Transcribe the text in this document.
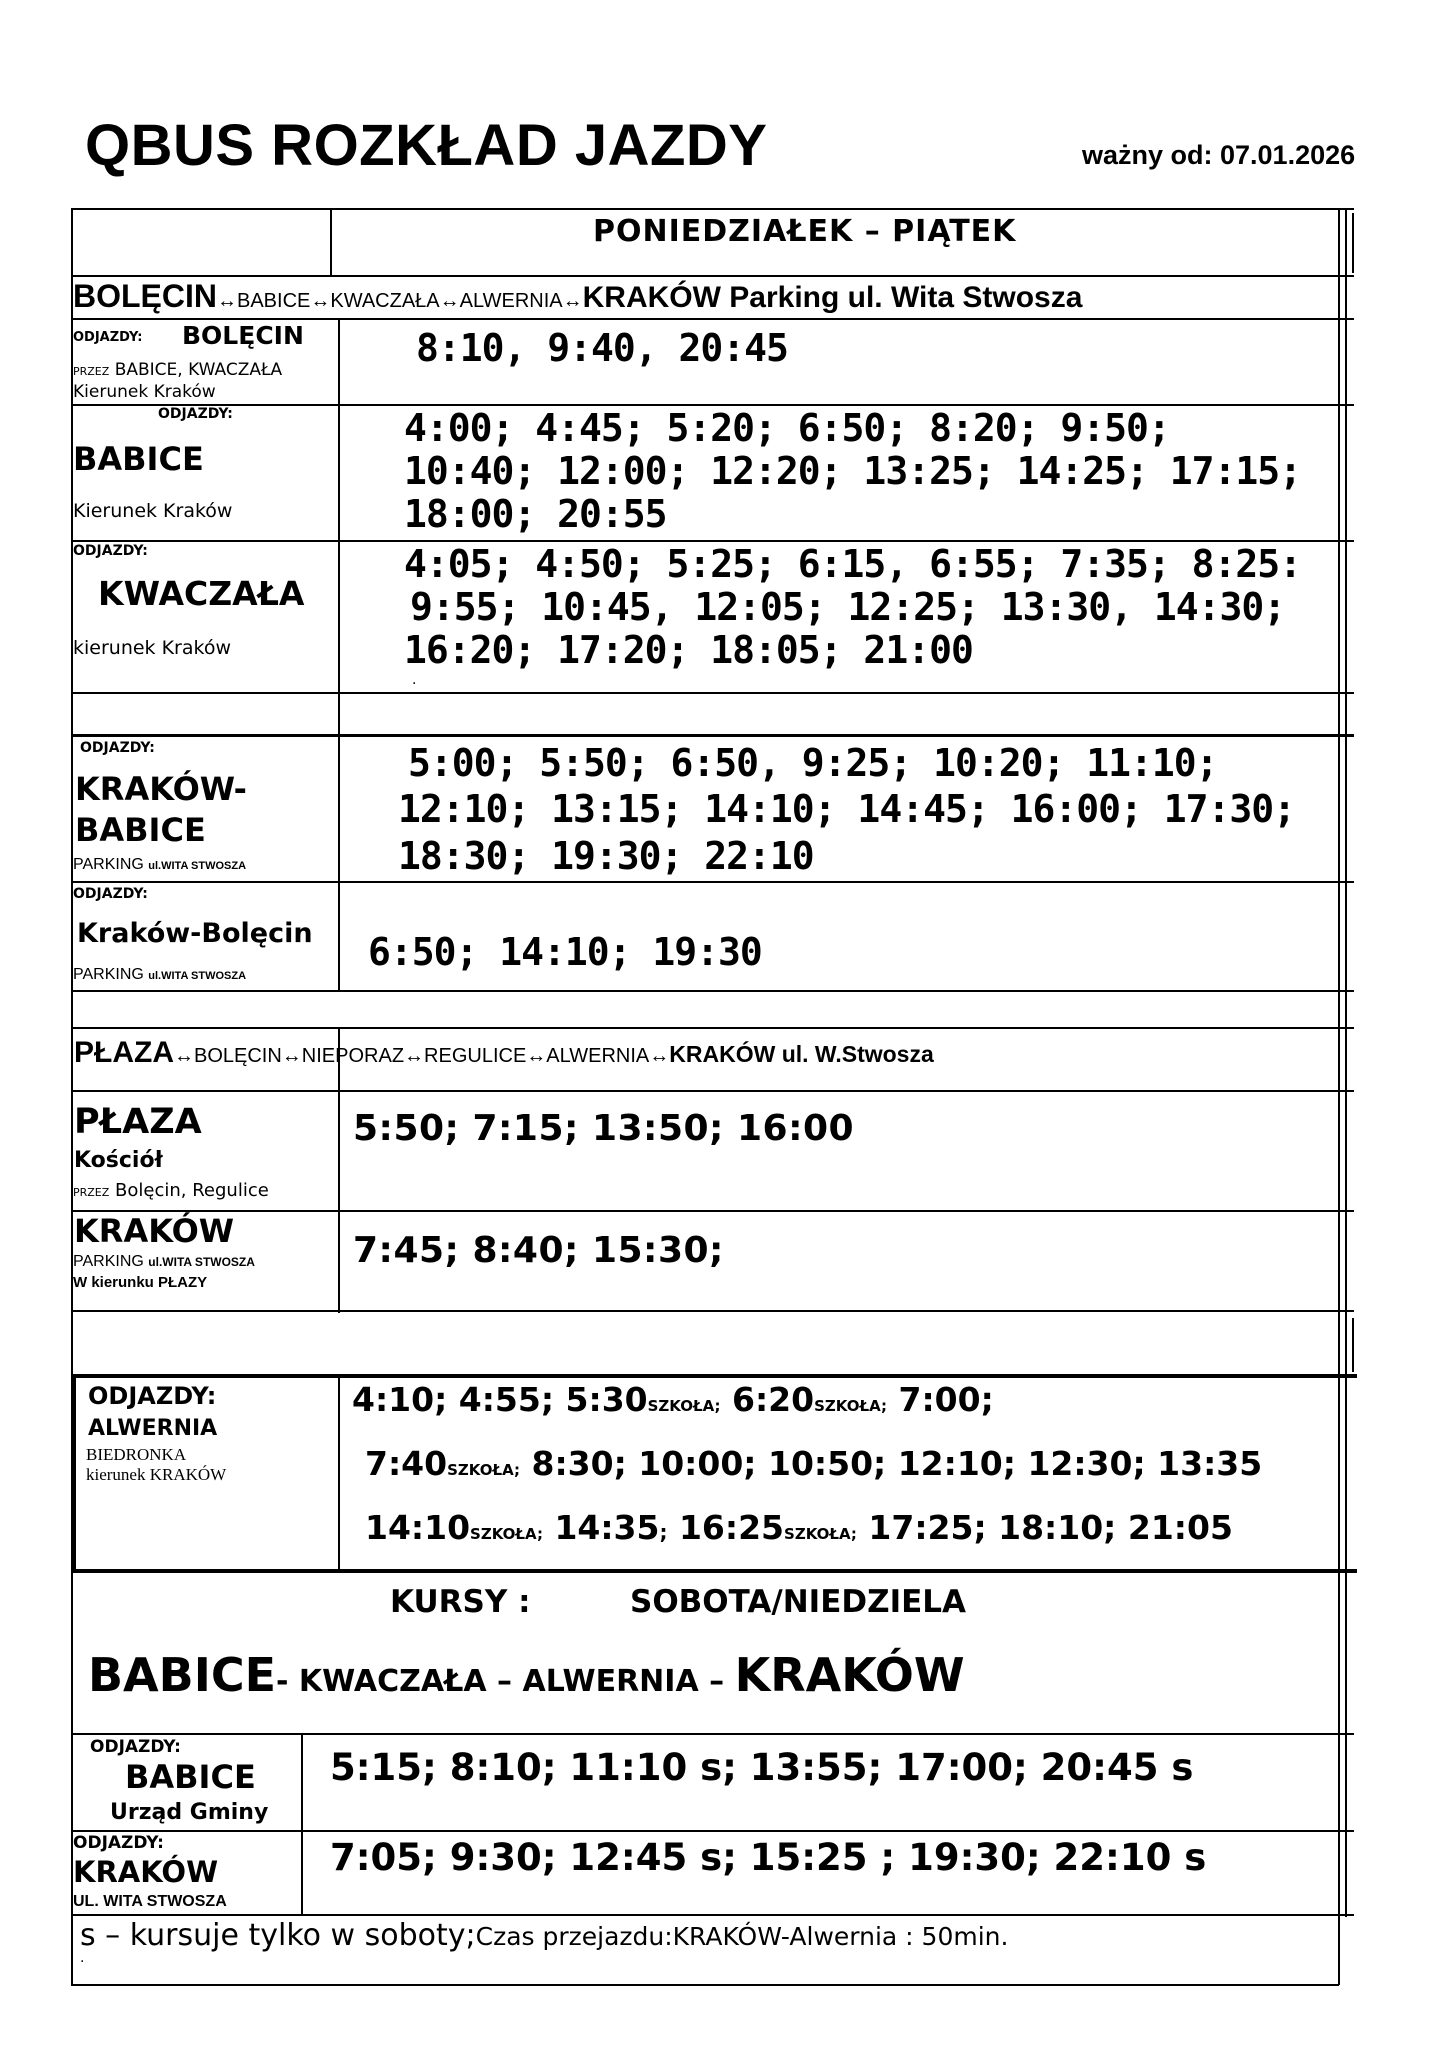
QBUS ROZKŁAD JAZDY	ważny od: 07.01.2026
PONIEDZIAŁEK – PIĄTEK
BOLĘCIN↔BABICE↔KWACZAŁA↔ALWERNIA↔KRAKÓW Parking ul. Wita Stwosza
ODJAZDY: BOLĘCIN
PRZEZ BABICE, KWACZAŁA
Kierunek Kraków
8:10, 9:40, 20:45
ODJAZDY:
BABICE
Kierunek Kraków
4:00; 4:45; 5:20; 6:50; 8:20; 9:50;
10:40; 12:00; 12:20; 13:25; 14:25; 17:15;
18:00; 20:55
ODJAZDY:
KWACZAŁA
kierunek Kraków
4:05; 4:50; 5:25; 6:15, 6:55; 7:35; 8:25:
9:55; 10:45, 12:05; 12:25; 13:30, 14:30;
16:20; 17:20; 18:05; 21:00
.
ODJAZDY:
KRAKÓW-
BABICE
PARKING ul.WITA STWOSZA
5:00; 5:50; 6:50, 9:25; 10:20; 11:10;
12:10; 13:15; 14:10; 14:45; 16:00; 17:30;
18:30; 19:30; 22:10
ODJAZDY:
Kraków-Bolęcin
PARKING ul.WITA STWOSZA
6:50; 14:10; 19:30
PŁAZA↔BOLĘCIN↔NIEPORAZ↔REGULICE↔ALWERNIA↔KRAKÓW ul. W.Stwosza
PŁAZA
Kościół
PRZEZ Bolęcin, Regulice
5:50; 7:15; 13:50; 16:00
KRAKÓW
PARKING ul.WITA STWOSZA
W kierunku PŁAZY
7:45; 8:40; 15:30;
ODJAZDY:
ALWERNIA
BIEDRONKA
kierunek KRAKÓW
4:10; 4:55; 5:30SZKOŁA; 6:20SZKOŁA; 7:00;
7:40SZKOŁA; 8:30; 10:00; 10:50; 12:10; 12:30; 13:35
14:10SZKOŁA; 14:35; 16:25SZKOŁA; 17:25; 18:10; 21:05
KURSY :	SOBOTA/NIEDZIELA
BABICE- KWACZAŁA – ALWERNIA – KRAKÓW
ODJAZDY:
BABICE
Urząd Gminy
5:15; 8:10; 11:10 s; 13:55; 17:00; 20:45 s
ODJAZDY:
KRAKÓW
UL. WITA STWOSZA
7:05; 9:30; 12:45 s; 15:25 ; 19:30; 22:10 s
s – kursuje tylko w soboty;Czas przejazdu:KRAKÓW-Alwernia : 50min.
.
